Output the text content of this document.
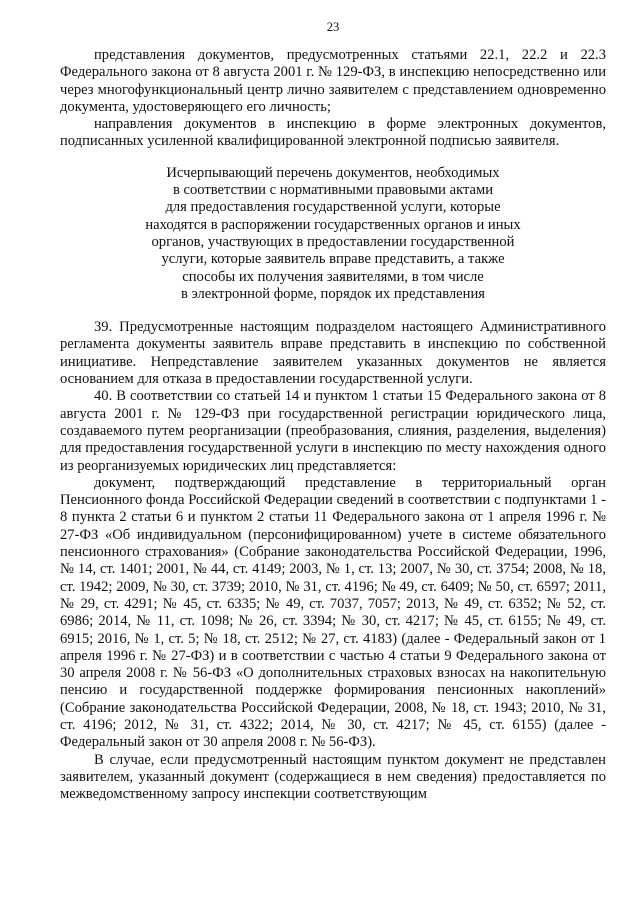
23

представления документов, предусмотренных статьями 22.1, 22.2 и 22.3 Федерального закона от 8 августа 2001 г. № 129-ФЗ, в инспекцию непосредственно или через многофункциональный центр лично заявителем с представлением одновременно документа, удостоверяющего его личность;

направления документов в инспекцию в форме электронных документов, подписанных усиленной квалифицированной электронной подписью заявителя.

Исчерпывающий перечень документов, необходимых

в соответствии с нормативными правовыми актами

для предоставления государственной услуги, которые

находятся в распоряжении государственных органов и иных

органов, участвующих в предоставлении государственной

услуги, которые заявитель вправе представить, а также

способы их получения заявителями, в том числе

в электронной форме, порядок их представления

39. Предусмотренные настоящим подразделом настоящего Административного регламента документы заявитель вправе представить в инспекцию по собственной инициативе. Непредставление заявителем указанных документов не является основанием для отказа в предоставлении государственной услуги.

40. В соответствии со статьей 14 и пунктом 1 статьи 15 Федерального закона от 8 августа 2001 г. № 129-ФЗ при государственной регистрации юридического лица, создаваемого путем реорганизации (преобразования, слияния, разделения, выделения) для предоставления государственной услуги в инспекцию по месту нахождения одного из реорганизуемых юридических лиц представляется:

документ, подтверждающий представление в территориальный орган Пенсионного фонда Российской Федерации сведений в соответствии с подпунктами 1 - 8 пункта 2 статьи 6 и пунктом 2 статьи 11 Федерального закона от 1 апреля 1996 г. № 27-ФЗ «Об индивидуальном (персонифицированном) учете в системе обязательного пенсионного страхования» (Собрание законодательства Российской Федерации, 1996, № 14, ст. 1401; 2001, № 44, ст. 4149; 2003, № 1, ст. 13; 2007, № 30, ст. 3754; 2008, № 18, ст. 1942; 2009, № 30, ст. 3739; 2010, № 31, ст. 4196; № 49, ст. 6409; № 50, ст. 6597; 2011, № 29, ст. 4291; № 45, ст. 6335; № 49, ст. 7037, 7057; 2013, № 49, ст. 6352; № 52, ст. 6986; 2014, № 11, ст. 1098; № 26, ст. 3394; № 30, ст. 4217; № 45, ст. 6155; № 49, ст. 6915; 2016, № 1, ст. 5; № 18, ст. 2512; № 27, ст. 4183) (далее - Федеральный закон от 1 апреля 1996 г. № 27-ФЗ) и в соответствии с частью 4 статьи 9 Федерального закона от 30 апреля 2008 г. № 56-ФЗ «О дополнительных страховых взносах на накопительную пенсию и государственной поддержке формирования пенсионных накоплений» (Собрание законодательства Российской Федерации, 2008, № 18, ст. 1943; 2010, № 31, ст. 4196; 2012, № 31, ст. 4322; 2014, № 30, ст. 4217; № 45, ст. 6155) (далее - Федеральный закон от 30 апреля 2008 г. № 56-ФЗ).

В случае, если предусмотренный настоящим пунктом документ не представлен заявителем, указанный документ (содержащиеся в нем сведения) предоставляется по межведомственному запросу инспекции соответствующим
